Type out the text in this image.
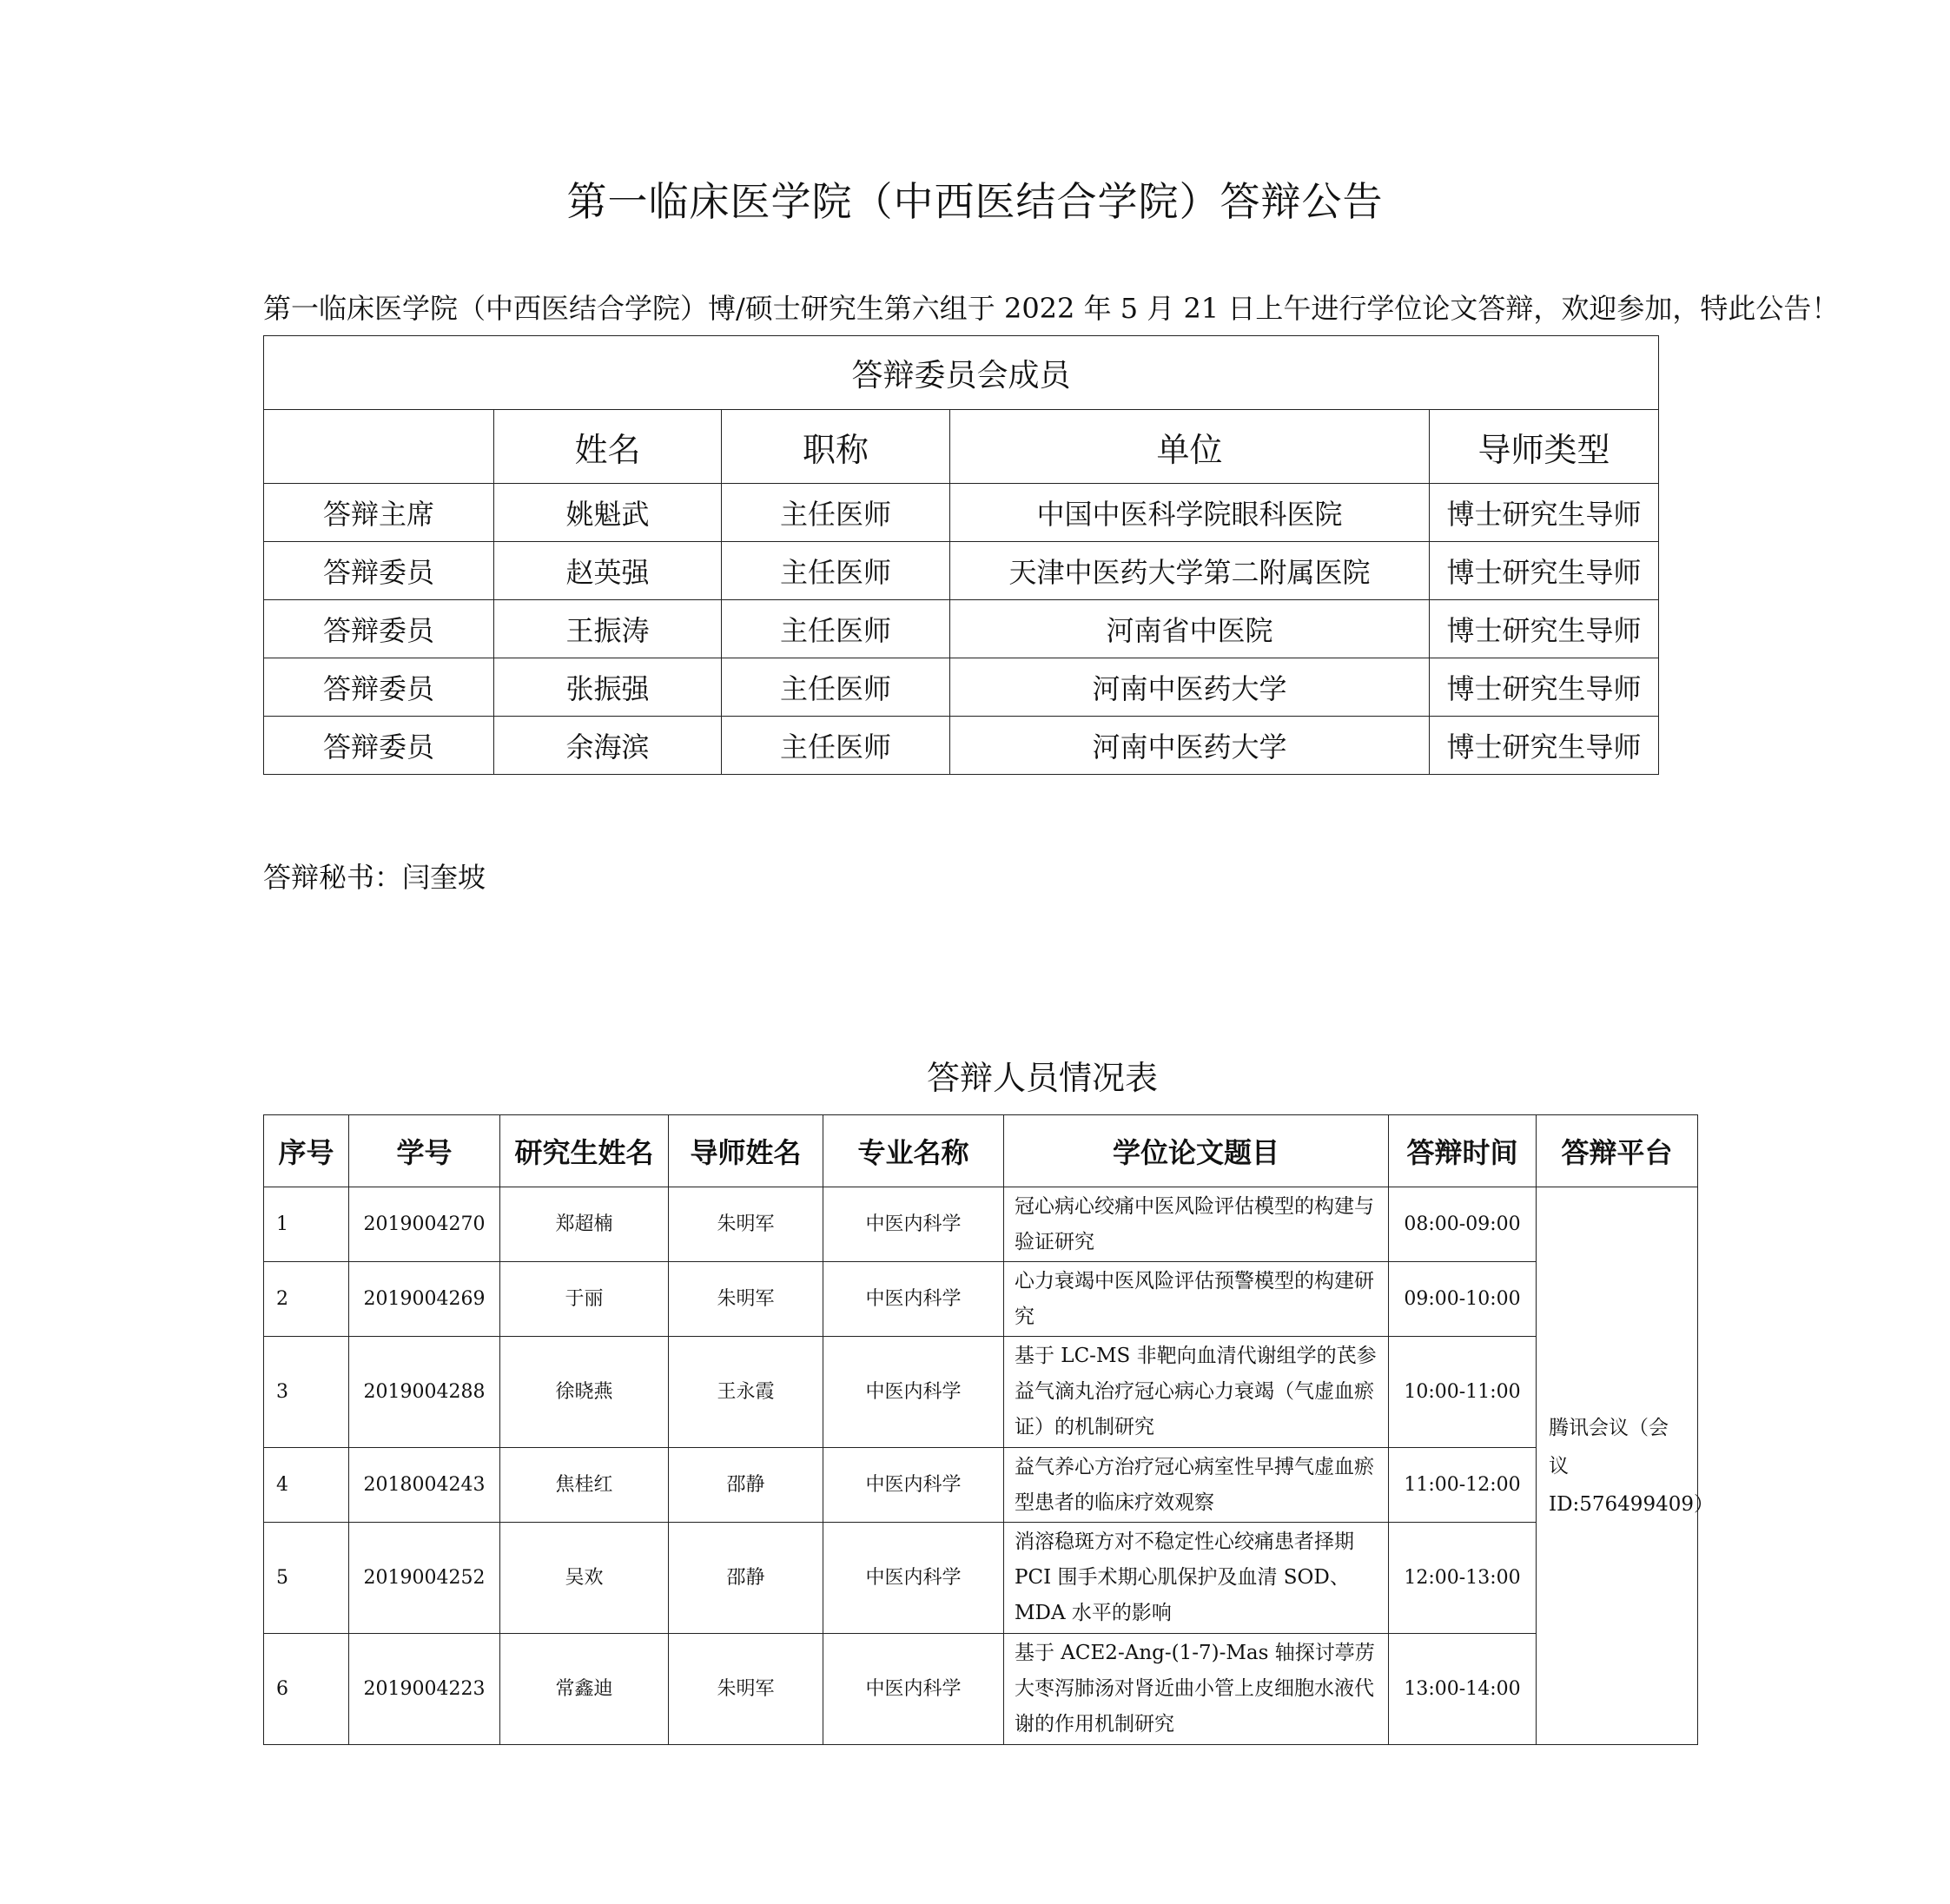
第一临床医学院（中西医结合学院）答辩公告
第一临床医学院（中西医结合学院）博/硕士研究生第六组于 2022 年 5 月 21 日上午进行学位论文答辩，欢迎参加，特此公告！
答辩委员会成员				
	姓名	职称	单位	导师类型
答辩主席	姚魁武	主任医师	中国中医科学院眼科医院	博士研究生导师
答辩委员	赵英强	主任医师	天津中医药大学第二附属医院	博士研究生导师
答辩委员	王振涛	主任医师	河南省中医院	博士研究生导师
答辩委员	张振强	主任医师	河南中医药大学	博士研究生导师
答辩委员	余海滨	主任医师	河南中医药大学	博士研究生导师
答辩秘书：闫奎坡
答辩人员情况表
序号	学号	研究生姓名	导师姓名	专业名称	学位论文题目	答辩时间	答辩平台
1	2019004270	郑超楠	朱明军	中医内科学	冠心病心绞痛中医风险评估模型的构建与验证研究	08:00-09:00	腾讯会议（会议ID:576499409）
2	2019004269	于丽	朱明军	中医内科学	心力衰竭中医风险评估预警模型的构建研究	09:00-10:00	
3	2019004288	徐晓燕	王永霞	中医内科学	基于 LC-MS 非靶向血清代谢组学的芪参益气滴丸治疗冠心病心力衰竭（气虚血瘀证）的机制研究	10:00-11:00	
4	2018004243	焦桂红	邵静	中医内科学	益气养心方治疗冠心病室性早搏气虚血瘀型患者的临床疗效观察	11:00-12:00	
5	2019004252	吴欢	邵静	中医内科学	消溶稳斑方对不稳定性心绞痛患者择期 PCI 围手术期心肌保护及血清 SOD、MDA 水平的影响	12:00-13:00	
6	2019004223	常鑫迪	朱明军	中医内科学	基于 ACE2-Ang-(1-7)-Mas 轴探讨葶苈大枣泻肺汤对肾近曲小管上皮细胞水液代谢的作用机制研究	13:00-14:00	
